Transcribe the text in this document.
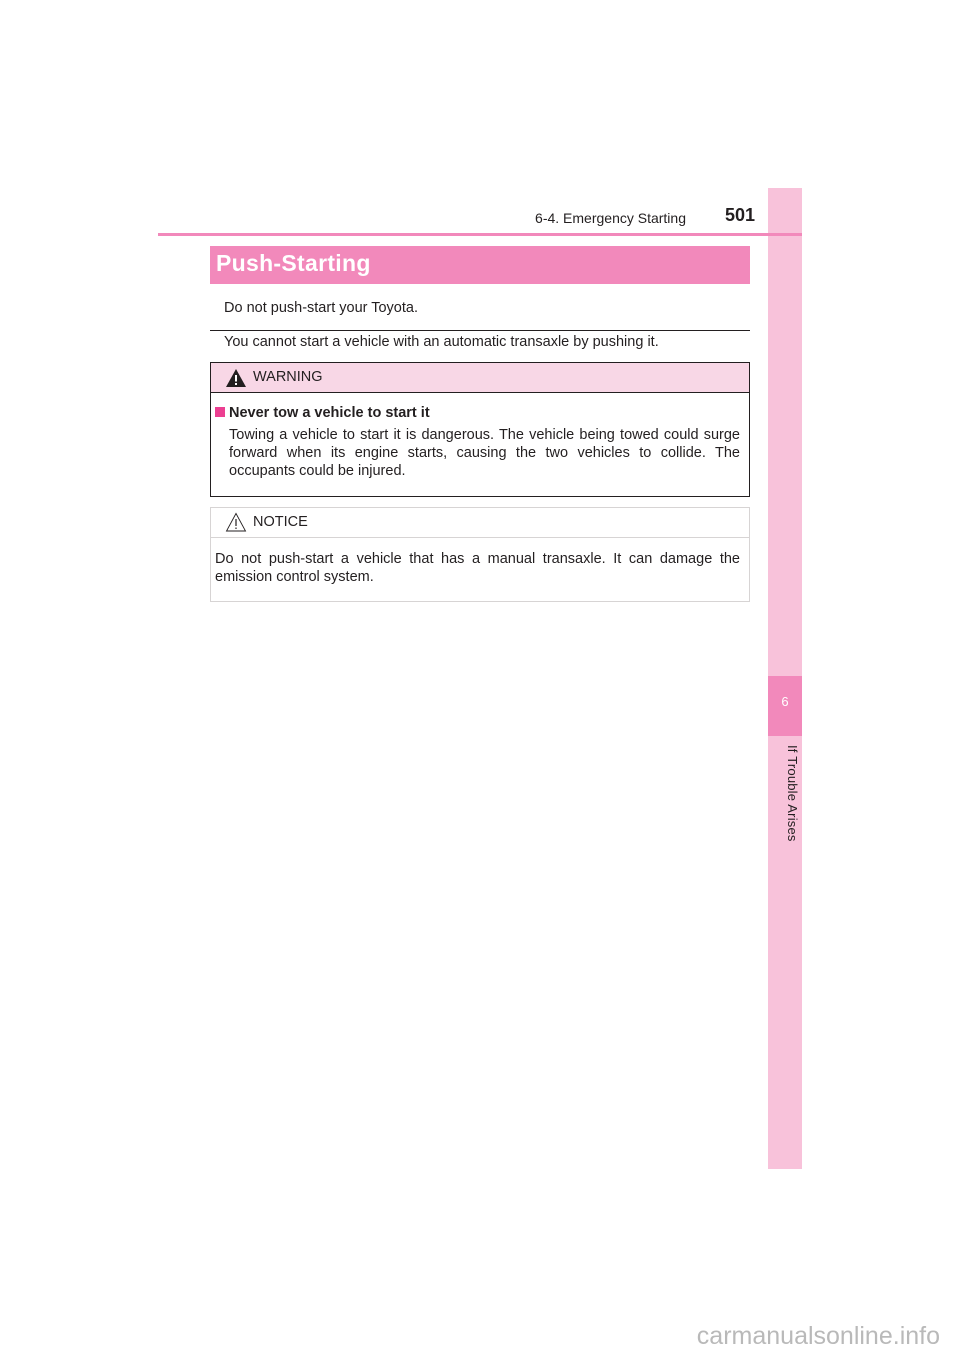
6
If Trouble Arises
6-4. Emergency Starting 501
Push-Starting
Do not push-start your Toyota.
You cannot start a vehicle with an automatic transaxle by pushing it.
WARNING
Never tow a vehicle to start it
Towing a vehicle to start it is dangerous. The vehicle being towed could surge forward when its engine starts, causing the two vehicles to collide. The occupants could be injured.
NOTICE
Do not push-start a vehicle that has a manual transaxle. It can damage the emission control system.
carmanualsonline.info
